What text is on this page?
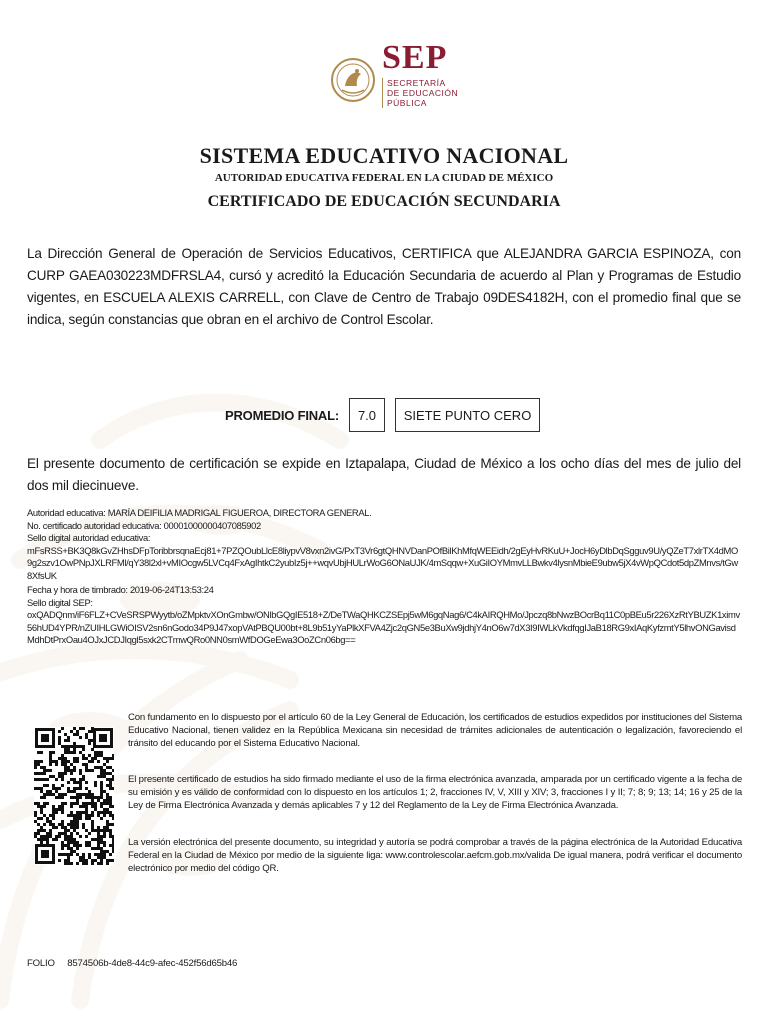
SEP
SECRETARÍA
DE EDUCACIÓN
PÚBLICA
SISTEMA EDUCATIVO NACIONAL
AUTORIDAD EDUCATIVA FEDERAL EN LA CIUDAD DE MÉXICO
CERTIFICADO DE EDUCACIÓN SECUNDARIA
La Dirección General de Operación de Servicios Educativos, CERTIFICA que ALEJANDRA GARCIA ESPINOZA, con CURP GAEA030223MDFRSLA4, cursó y acreditó la Educación Secundaria de acuerdo al Plan y Programas de Estudio vigentes, en ESCUELA ALEXIS CARRELL, con Clave de Centro de Trabajo 09DES4182H, con el promedio final que se indica, según constancias que obran en el archivo de Control Escolar.
PROMEDIO FINAL:	7.0	SIETE PUNTO CERO
El presente documento de certificación se expide en Iztapalapa, Ciudad de México a los ocho días del mes de julio del dos mil diecinueve.
Autoridad educativa: MARÍA DEIFILIA MADRIGAL FIGUEROA, DIRECTORA GENERAL.
No. certificado autoridad educativa: 00001000000407085902
Sello digital autoridad educativa:
mFsRSS+BK3Q8kGvZHhsDFpToribbrsqnaEcj81+7PZQOubLlcE8liypvV8vxn2ivG/PxT3Vr6gtQHNVDanPOfBilKhMfqWEEidh/2gEyHvRKuU+JocH6yDlbDqSgguv9U/yQZeT7xlrTX4dMO9g2szv1OwPNpJXLRFMl/qY38l2xl+vMIOcgw5LVCq4FxAgIhtkC2yubIz5j++wqvUbjHULrWoG6ONaUJK/4mSqqw+XuGiIOYMmvLLBwkv4lysnMbieE9ubw5jX4vWpQCdot5dpZMnvs/tGw8XfsUK
Fecha y hora de timbrado: 2019-06-24T13:53:24
Sello digital SEP:
oxQADQnm/iF6FLZ+CVeSRSPWyytb/oZMpktvXOnGmbw/ONlbGQgIE518+Z/DeTWaQHKCZSEpj5wM6gqNag6/C4kAIRQHMo/Jpczq8bNwzBOcrBq11C0pBEu5r226XzRtYBUZK1ximv56hUD4YPR/nZUIHLGWiOISV2sn6nGodo34P9J47xopVAtPBQU00bt+8L9b51yYaPlkXFVA4Zjc2qGN5e3BuXw9jdhjY4nO6w7dX3I9IWLkVkdfqgIJaB18RG9xIAqKyfzmtY5lhvONGavisdMdhDtPrxOau4OJxJCDJIqgl5sxk2CTmwQRo0NN0smWfDOGeEwa3OoZCn06bg==
Con fundamento en lo dispuesto por el artículo 60 de la Ley General de Educación, los certificados de estudios expedidos por instituciones del Sistema Educativo Nacional, tienen validez en la República Mexicana sin necesidad de trámites adicionales de autenticación o legalización, favoreciendo el tránsito del educando por el Sistema Educativo Nacional.
El presente certificado de estudios ha sido firmado mediante el uso de la firma electrónica avanzada, amparada por un certificado vigente a la fecha de su emisión y es válido de conformidad con lo dispuesto en los artículos 1; 2, fracciones IV, V, XIII y XIV; 3, fracciones I y II; 7; 8; 9; 13; 14; 16 y 25 de la Ley de Firma Electrónica Avanzada y demás aplicables 7 y 12 del Reglamento de la Ley de Firma Electrónica Avanzada.
La versión electrónica del presente documento, su integridad y autoría se podrá comprobar a través de la página electrónica de la Autoridad Educativa Federal en la Ciudad de México por medio de la siguiente liga: www.controlescolar.aefcm.gob.mx/valida De igual manera, podrá verificar el documento electrónico por medio del código QR.
FOLIO 8574506b-4de8-44c9-afec-452f56d65b46
